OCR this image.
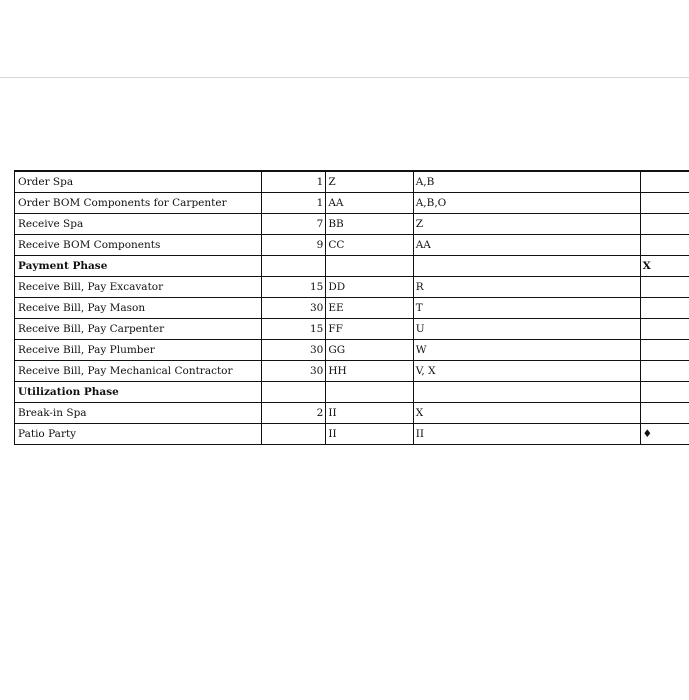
Order Spa	1	Z	A,B	
Order BOM Components for Carpenter	1	AA	A,B,O	
Receive Spa	7	BB	Z	
Receive BOM Components	9	CC	AA	
Payment Phase				X
Receive Bill, Pay Excavator	15	DD	R	
Receive Bill, Pay Mason	30	EE	T	
Receive Bill, Pay Carpenter	15	FF	U	
Receive Bill, Pay Plumber	30	GG	W	
Receive Bill, Pay Mechanical Contractor	30	HH	V, X	
Utilization Phase				
Break-in Spa	2	II	X	
Patio Party		II	II	♦
